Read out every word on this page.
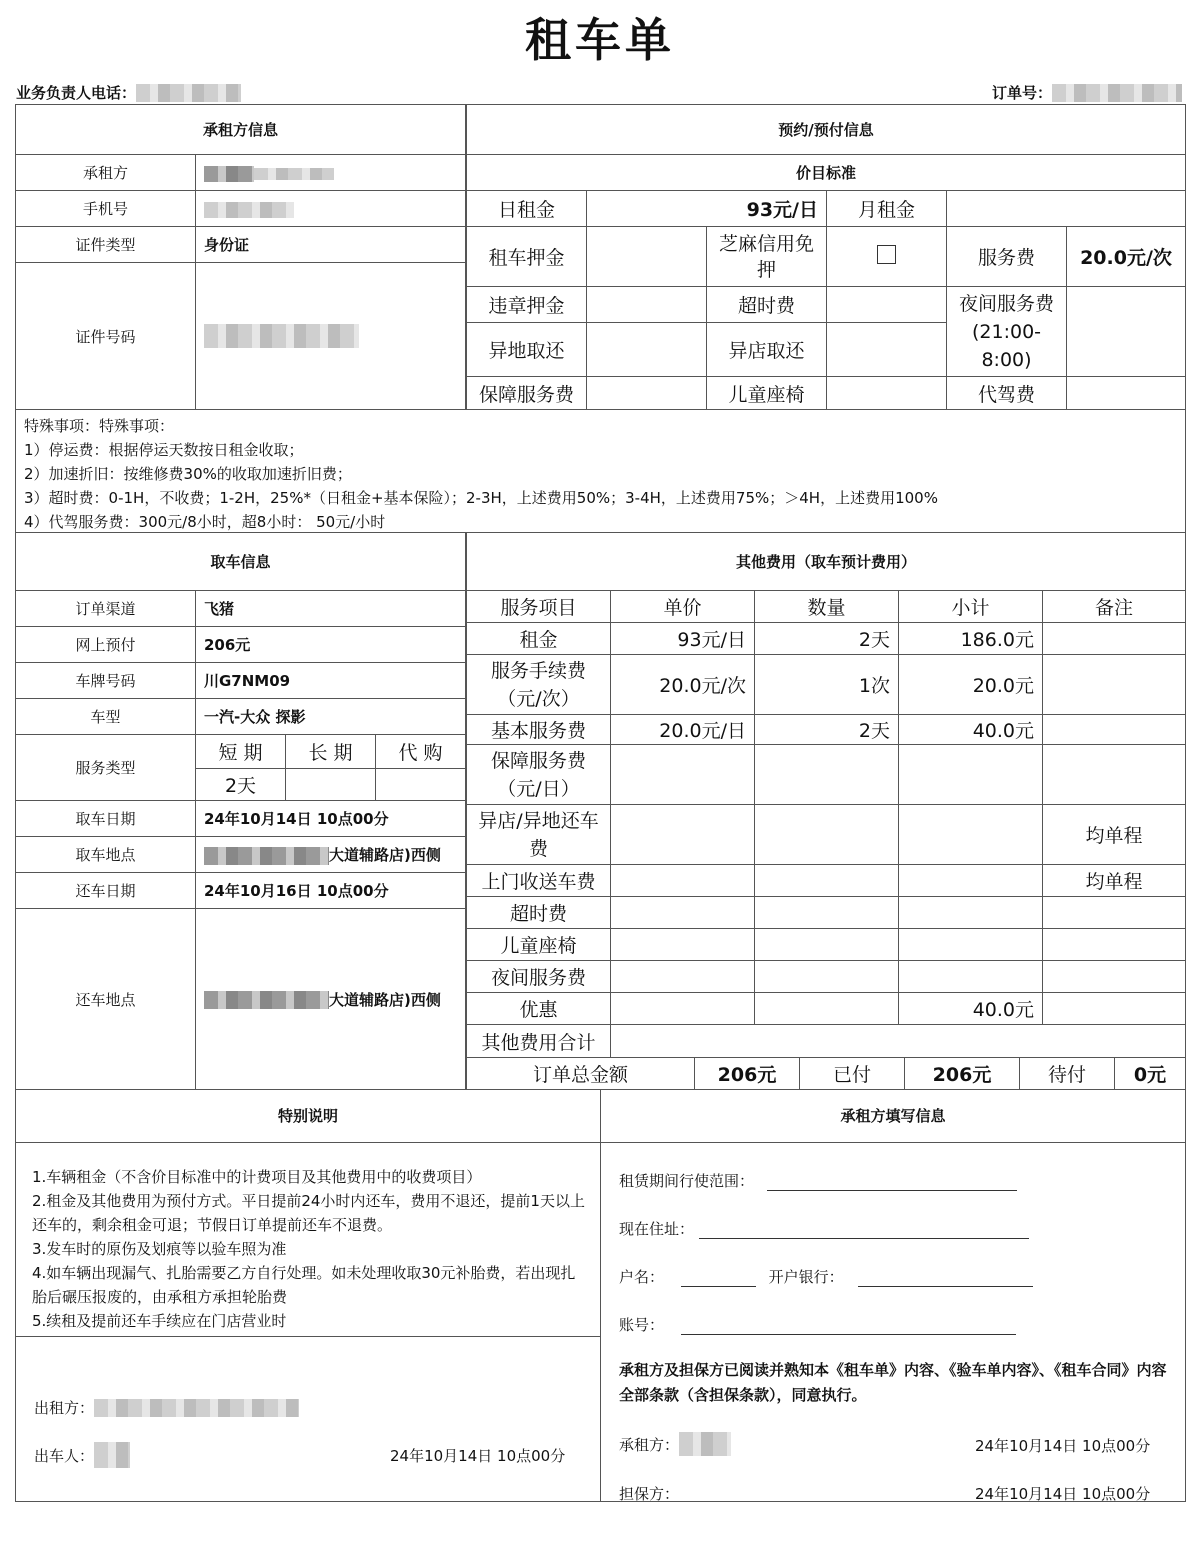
租车单
业务负责人电话：	订单号：
承租方信息	
承租方	
手机号	
证件类型	身份证
证件号码	
预约/预付信息					
价目标准					
日租金	93元/日		月租金		
租车押金		芝麻信用免押		服务费	20.0元/次
违章押金		超时费		夜间服务费(21:00-8:00)	
异地取还		异店取还			
保障服务费		儿童座椅		代驾费	
特殊事项：特殊事项：
1）停运费：根据停运天数按日租金收取；
2）加速折旧：按维修费30%的收取加速折旧费；
3）超时费：0-1H，不收费；1-2H，25%*（日租金+基本保险）；2-3H，上述费用50%；3-4H，上述费用75%；＞4H，上述费用100%
4）代驾服务费：300元/8小时，超8小时： 50元/小时
取车信息			
订单渠道	飞猪		
网上预付	206元		
车牌号码	川G7NM09		
车型	一汽-大众 探影		
服务类型	短 期	长 期	代 购
	2天		
取车日期	24年10月14日 10点00分		
取车地点	大道辅路店)西侧		
还车日期	24年10月16日 10点00分		
还车地点	大道辅路店)西侧		
其他费用（取车预计费用）				
服务项目	单价	数量	小计	备注
租金	93元/日	2天	186.0元	
服务手续费（元/次）	20.0元/次	1次	20.0元	
基本服务费	20.0元/日	2天	40.0元	
保障服务费（元/日）				
异店/异地还车费				均单程
上门收送车费				均单程
超时费				
儿童座椅				
夜间服务费				
优惠			40.0元	
其他费用合计				
订单总金额	206元	已付	206元	待付	0元
特别说明
1.车辆租金（不含价目标准中的计费项目及其他费用中的收费项目）
2.租金及其他费用为预付方式。平日提前24小时内还车，费用不退还，提前1天以上还车的，剩余租金可退；节假日订单提前还车不退费。
3.发车时的原伤及划痕等以验车照为准
4.如车辆出现漏气、扎胎需要乙方自行处理。如未处理收取30元补胎费，若出现扎胎后碾压报废的，由承租方承担轮胎费
5.续租及提前还车手续应在门店营业时
出租方：
出车人：	24年10月14日 10点00分
承租方填写信息
租赁期间行使范围：
现在住址：
户名：	开户银行：
账号：
承租方及担保方已阅读并熟知本《租车单》内容、《验车单内容》、《租车合同》内容全部条款（含担保条款），同意执行。
承租方：	24年10月14日 10点00分
担保方：	24年10月14日 10点00分
